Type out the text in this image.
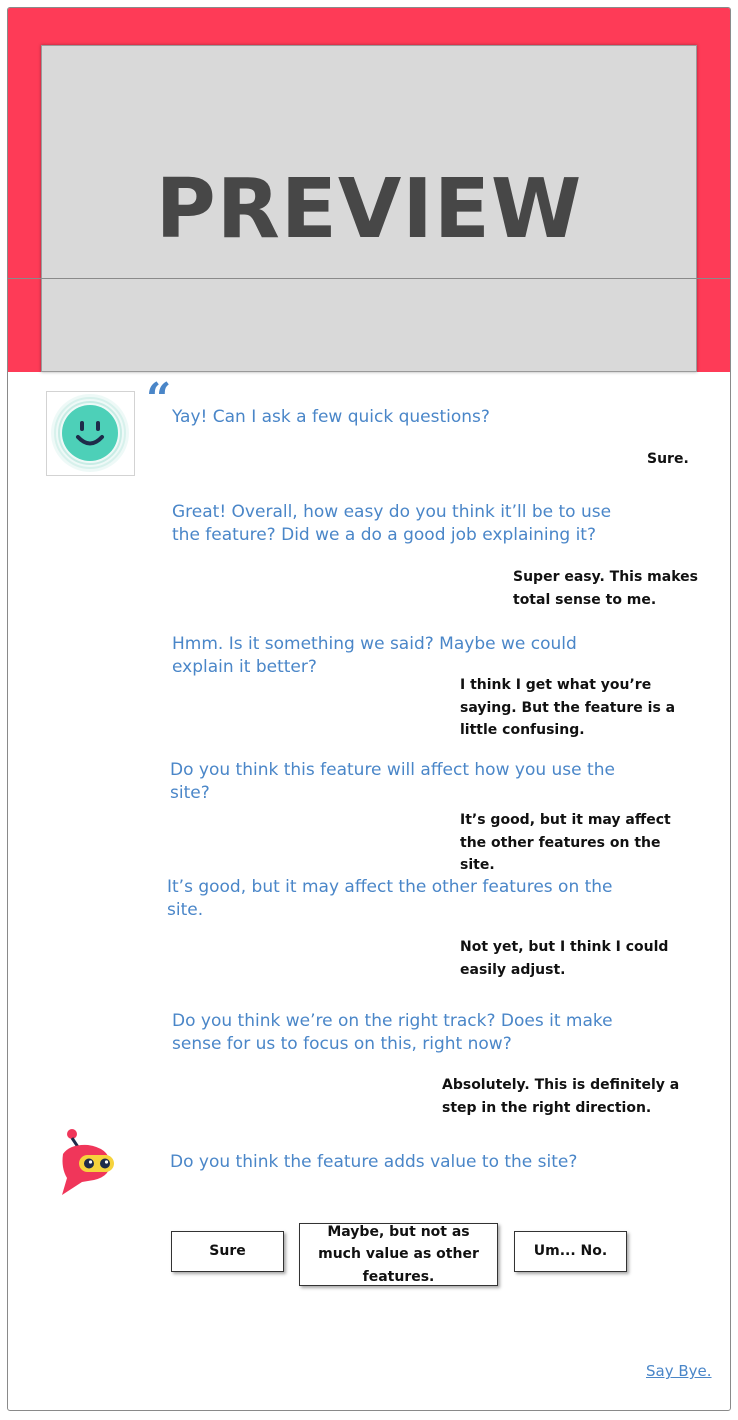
PREVIEW
“ Yay! Can I ask a few quick questions?
Sure.
Great! Overall, how easy do you think it’ll be to use the feature? Did we a do a good job explaining it?
Super easy. This makes total sense to me.
Hmm. Is it something we said? Maybe we could explain it better?
I think I get what you’re saying. But the feature is a little confusing.
Do you think this feature will affect how you use the site?
It’s good, but it may affect the other features on the site.
It’s good, but it may affect the other features on the site.
Not yet, but I think I could easily adjust.
Do you think we’re on the right track? Does it make sense for us to focus on this, right now?
Absolutely. This is definitely a step in the right direction.
Do you think the feature adds value to the site?
Sure
Maybe, but not as much value as other features.
Um... No.
Say Bye.
